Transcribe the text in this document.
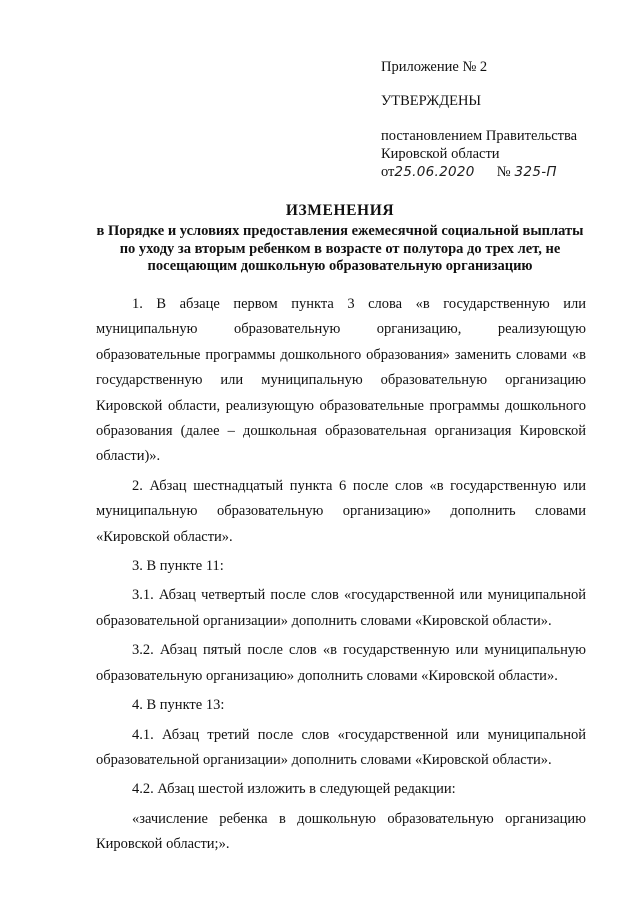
Приложение № 2
УТВЕРЖДЕНЫ
постановлением Правительства
Кировской области
от 25.06.2020 № 325-П
ИЗМЕНЕНИЯ
в Порядке и условиях предоставления ежемесячной социальной выплаты по уходу за вторым ребенком в возрасте от полутора до трех лет, не посещающим дошкольную образовательную организацию

1. В абзаце первом пункта 3 слова «в государственную или муниципальную образовательную организацию, реализующую образовательные программы дошкольного образования» заменить словами «в государственную или муниципальную образовательную организацию Кировской области, реализующую образовательные программы дошкольного образования (далее – дошкольная образовательная организация Кировской области)».

2. Абзац шестнадцатый пункта 6 после слов «в государственную или муниципальную образовательную организацию» дополнить словами «Кировской области».

3. В пункте 11:

3.1. Абзац четвертый после слов «государственной или муниципальной образовательной организации» дополнить словами «Кировской области».

3.2. Абзац пятый после слов «в государственную или муниципальную образовательную организацию» дополнить словами «Кировской области».

4. В пункте 13:

4.1. Абзац третий после слов «государственной или муниципальной образовательной организации» дополнить словами «Кировской области».

4.2. Абзац шестой изложить в следующей редакции:

«зачисление ребенка в дошкольную образовательную организацию Кировской области;».
